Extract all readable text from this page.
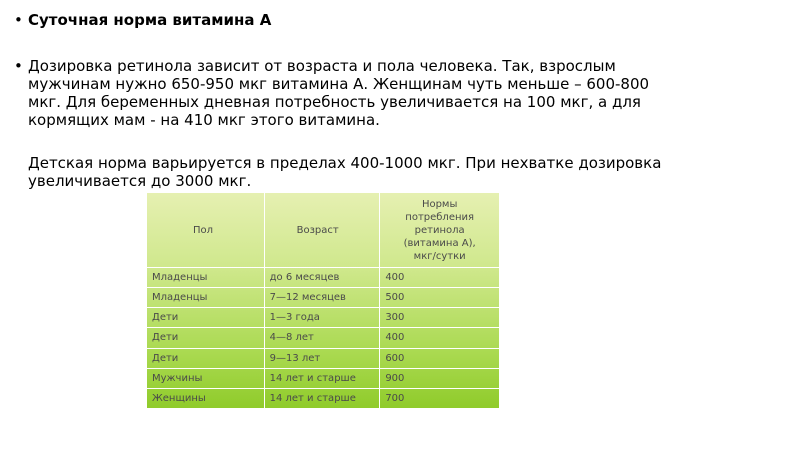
• Суточная норма витамина А
• Дозировка ретинола зависит от возраста и пола человека. Так, взрослым
мужчинам нужно 650-950 мкг витамина А. Женщинам чуть меньше – 600-800
мкг. Для беременных дневная потребность увеличивается на 100 мкг, а для
кормящих мам - на 410 мкг этого витамина.
Детская норма варьируется в пределах 400-1000 мкг. При нехватке дозировка
увеличивается до 3000 мкг.
Пол	Возраст	Нормы
потребления
ретинола
(витамина А),
мкг/сутки
Младенцы	до 6 месяцев	400
Младенцы	7—12 месяцев	500
Дети	1—3 года	300
Дети	4—8 лет	400
Дети	9—13 лет	600
Мужчины	14 лет и старше	900
Женщины	14 лет и старше	700
